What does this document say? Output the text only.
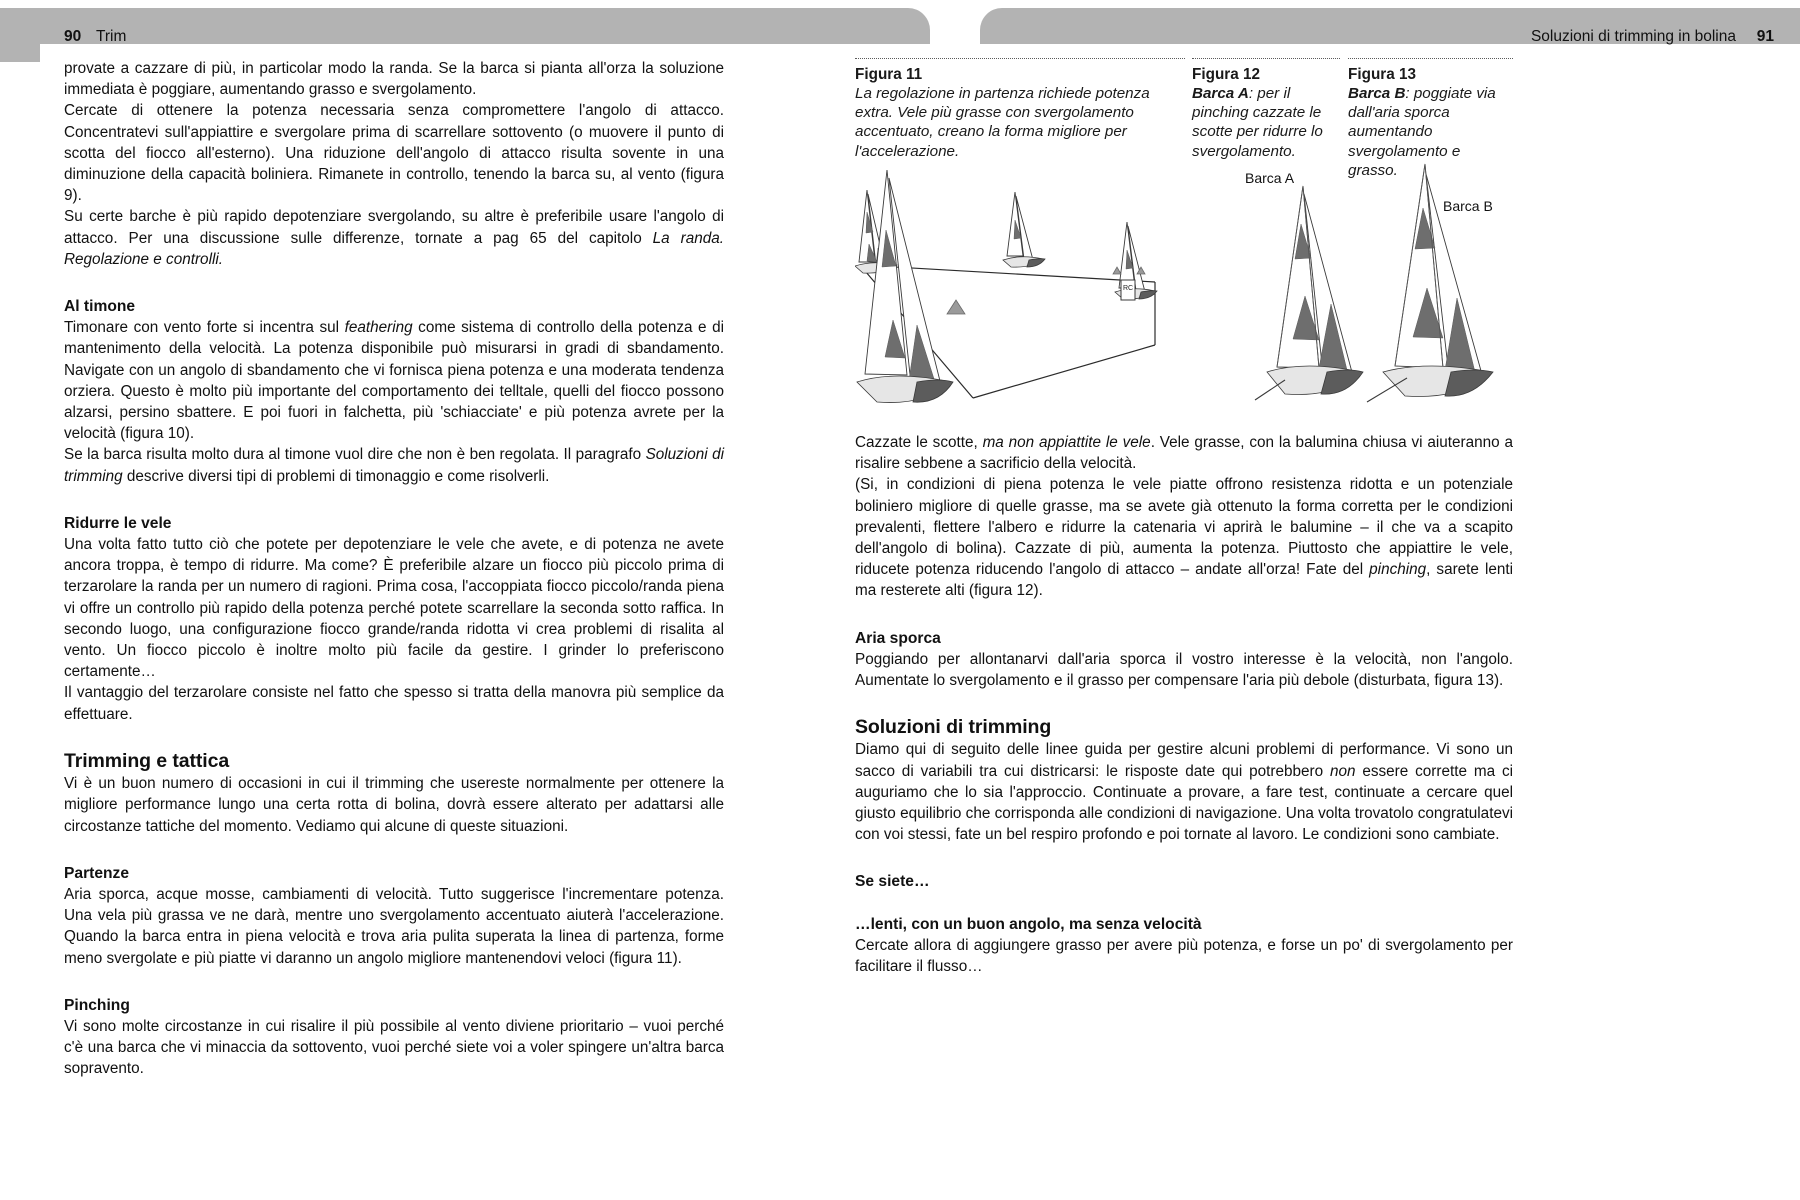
90 Trim	Soluzioni di trimming in bolina 91

provate a cazzare di più, in particolar modo la randa. Se la barca si pianta all'orza la soluzione immediata è poggiare, aumentando grasso e svergolamento.

Cercate di ottenere la potenza necessaria senza compromettere l'angolo di attacco. Concentratevi sull'appiattire e svergolare prima di scarrellare sottovento (o muovere il punto di scotta del fiocco all'esterno). Una riduzione dell'angolo di attacco risulta sovente in una diminuzione della capacità boliniera. Rimanete in controllo, tenendo la barca su, al vento (figura 9).

Su certe barche è più rapido depotenziare svergolando, su altre è preferibile usare l'angolo di attacco. Per una discussione sulle differenze, tornate a pag 65 del capitolo La randa. Regolazione e controlli.

Al timone

Timonare con vento forte si incentra sul feathering come sistema di controllo della potenza e di mantenimento della velocità. La potenza disponibile può misurarsi in gradi di sbandamento. Navigate con un angolo di sbandamento che vi fornisca piena potenza e una moderata tendenza orziera. Questo è molto più importante del comportamento dei telltale, quelli del fiocco possono alzarsi, persino sbattere. E poi fuori in falchetta, più 'schiacciate' e più potenza avrete per la velocità (figura 10).

Se la barca risulta molto dura al timone vuol dire che non è ben regolata. Il paragrafo Soluzioni di trimming descrive diversi tipi di problemi di timonaggio e come risolverli.

Ridurre le vele

Una volta fatto tutto ciò che potete per depotenziare le vele che avete, e di potenza ne avete ancora troppa, è tempo di ridurre. Ma come? È preferibile alzare un fiocco più piccolo prima di terzarolare la randa per un numero di ragioni. Prima cosa, l'accoppiata fiocco piccolo/randa piena vi offre un controllo più rapido della potenza perché potete scarrellare la seconda sotto raffica. In secondo luogo, una configurazione fiocco grande/randa ridotta vi crea problemi di risalita al vento. Un fiocco piccolo è inoltre molto più facile da gestire. I grinder lo preferiscono certamente…

Il vantaggio del terzarolare consiste nel fatto che spesso si tratta della manovra più semplice da effettuare.

Trimming e tattica

Vi è un buon numero di occasioni in cui il trimming che usereste normalmente per ottenere la migliore performance lungo una certa rotta di bolina, dovrà essere alterato per adattarsi alle circostanze tattiche del momento. Vediamo qui alcune di queste situazioni.

Partenze

Aria sporca, acque mosse, cambiamenti di velocità. Tutto suggerisce l'incrementare potenza. Una vela più grassa ve ne darà, mentre uno svergolamento accentuato aiuterà l'accelerazione. Quando la barca entra in piena velocità e trova aria pulita superata la linea di partenza, forme meno svergolate e più piatte vi daranno un angolo migliore mantenendovi veloci (figura 11).

Pinching

Vi sono molte circostanze in cui risalire il più possibile al vento diviene prioritario – vuoi perché c'è una barca che vi minaccia da sottovento, vuoi perché siete voi a voler spingere un'altra barca sopravento.

Figura 11
La regolazione in partenza richiede potenza extra. Vele più grasse con svergolamento accentuato, creano la forma migliore per l'accelerazione.
Figura 12
Barca A: per il pinching cazzate le scotte per ridurre lo svergolamento.
Figura 13
Barca B: poggiate via dall'aria sporca aumentando svergolamento e grasso.
RC
Barca A
Barca B

Cazzate le scotte, ma non appiattite le vele. Vele grasse, con la balumina chiusa vi aiuteranno a risalire sebbene a sacrificio della velocità.

(Si, in condizioni di piena potenza le vele piatte offrono resistenza ridotta e un potenziale boliniero migliore di quelle grasse, ma se avete già ottenuto la forma corretta per le condizioni prevalenti, flettere l'albero e ridurre la catenaria vi aprirà le balumine – il che va a scapito dell'angolo di bolina). Cazzate di più, aumenta la potenza. Piuttosto che appiattire le vele, riducete potenza riducendo l'angolo di attacco – andate all'orza! Fate del pinching, sarete lenti ma resterete alti (figura 12).

Aria sporca

Poggiando per allontanarvi dall'aria sporca il vostro interesse è la velocità, non l'angolo. Aumentate lo svergolamento e il grasso per compensare l'aria più debole (disturbata, figura 13).

Soluzioni di trimming

Diamo qui di seguito delle linee guida per gestire alcuni problemi di performance. Vi sono un sacco di variabili tra cui districarsi: le risposte date qui potrebbero non essere corrette ma ci auguriamo che lo sia l'approccio. Continuate a provare, a fare test, continuate a cercare quel giusto equilibrio che corrisponda alle condizioni di navigazione. Una volta trovatolo congratulatevi con voi stessi, fate un bel respiro profondo e poi tornate al lavoro. Le condizioni sono cambiate.

Se siete…
…lenti, con un buon angolo, ma senza velocità

Cercate allora di aggiungere grasso per avere più potenza, e forse un po' di svergolamento per facilitare il flusso…
